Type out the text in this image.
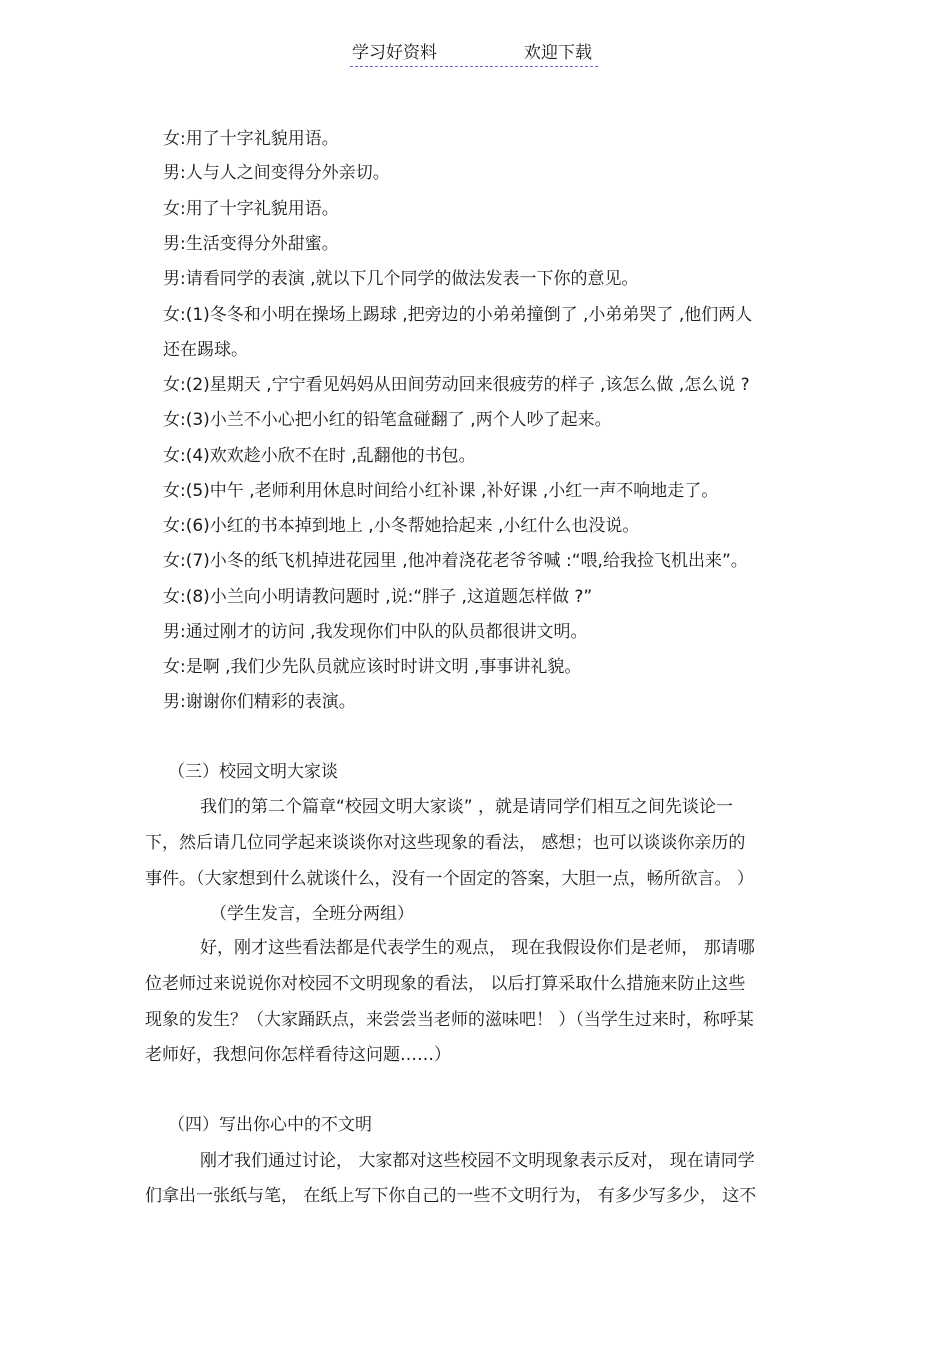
学习好资料	欢迎下载
女:用了十字礼貌用语。
男:人与人之间变得分外亲切。
女:用了十字礼貌用语。
男:生活变得分外甜蜜。
男:请看同学的表演 ,就以下几个同学的做法发表一下你的意见。
女:(1)冬冬和小明在操场上踢球 ,把旁边的小弟弟撞倒了 ,小弟弟哭了 ,他们两人
还在踢球。
女:(2)星期天 ,宁宁看见妈妈从田间劳动回来很疲劳的样子 ,该怎么做 ,怎么说 ?
女:(3)小兰不小心把小红的铅笔盒碰翻了 ,两个人吵了起来。
女:(4)欢欢趁小欣不在时 ,乱翻他的书包。
女:(5)中午 ,老师利用休息时间给小红补课 ,补好课 ,小红一声不响地走了。
女:(6)小红的书本掉到地上 ,小冬帮她拾起来 ,小红什么也没说。
女:(7)小冬的纸飞机掉进花园里 ,他冲着浇花老爷爷喊 :“喂,给我捡飞机出来”。
女:(8)小兰向小明请教问题时 ,说:“胖子 ,这道题怎样做 ?”
男:通过刚才的访问 ,我发现你们中队的队员都很讲文明。
女:是啊 ,我们少先队员就应该时时讲文明 ,事事讲礼貌。
男:谢谢你们精彩的表演。
（三）校园文明大家谈
我们的第二个篇章“校园文明大家谈” ，就是请同学们相互之间先谈论一
下，然后请几位同学起来谈谈你对这些现象的看法， 感想；也可以谈谈你亲历的
事件。（大家想到什么就谈什么，没有一个固定的答案，大胆一点，畅所欲言。 ）
（学生发言，全班分两组）
好，刚才这些看法都是代表学生的观点， 现在我假设你们是老师， 那请哪
位老师过来说说你对校园不文明现象的看法， 以后打算采取什么措施来防止这些
现象的发生？（大家踊跃点，来尝尝当老师的滋味吧！ ）（当学生过来时，称呼某
老师好，我想问你怎样看待这问题……）
（四）写出你心中的不文明
刚才我们通过讨论， 大家都对这些校园不文明现象表示反对， 现在请同学
们拿出一张纸与笔， 在纸上写下你自己的一些不文明行为， 有多少写多少， 这不
